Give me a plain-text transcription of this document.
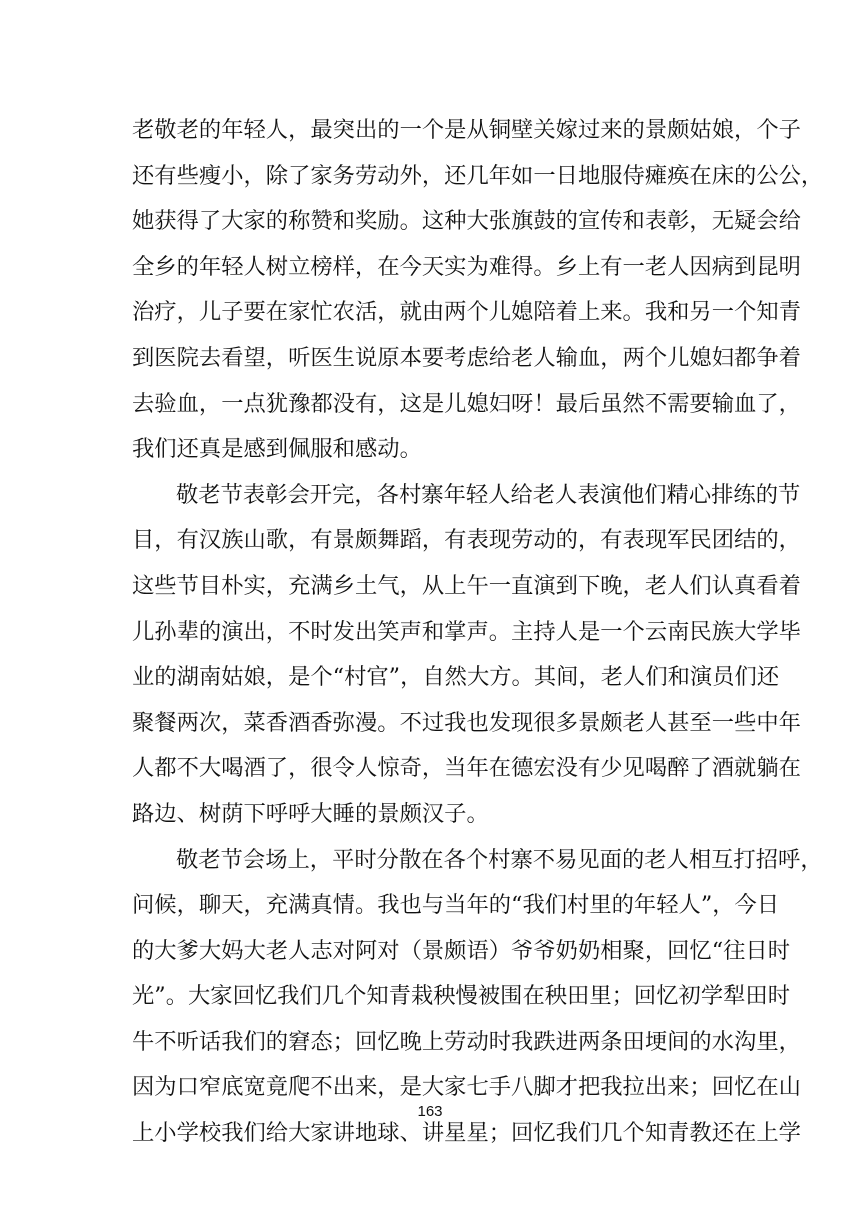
老敬老的年轻人，最突出的一个是从铜壁关嫁过来的景颇姑娘，个子
还有些瘦小，除了家务劳动外，还几年如一日地服侍瘫痪在床的公公，
她获得了大家的称赞和奖励。这种大张旗鼓的宣传和表彰，无疑会给
全乡的年轻人树立榜样，在今天实为难得。乡上有一老人因病到昆明
治疗，儿子要在家忙农活，就由两个儿媳陪着上来。我和另一个知青
到医院去看望，听医生说原本要考虑给老人输血，两个儿媳妇都争着
去验血，一点犹豫都没有，这是儿媳妇呀！最后虽然不需要输血了，
我们还真是感到佩服和感动。
敬老节表彰会开完，各村寨年轻人给老人表演他们精心排练的节
目，有汉族山歌，有景颇舞蹈，有表现劳动的，有表现军民团结的，
这些节目朴实，充满乡土气，从上午一直演到下晚，老人们认真看着
儿孙辈的演出，不时发出笑声和掌声。主持人是一个云南民族大学毕
业的湖南姑娘，是个“村官”，自然大方。其间，老人们和演员们还
聚餐两次，菜香酒香弥漫。不过我也发现很多景颇老人甚至一些中年
人都不大喝酒了，很令人惊奇，当年在德宏没有少见喝醉了酒就躺在
路边、树荫下呼呼大睡的景颇汉子。
敬老节会场上，平时分散在各个村寨不易见面的老人相互打招呼，
问候，聊天，充满真情。我也与当年的“我们村里的年轻人”，今日
的大爹大妈大老人志对阿对（景颇语）爷爷奶奶相聚，回忆“往日时
光”。大家回忆我们几个知青栽秧慢被围在秧田里；回忆初学犁田时
牛不听话我们的窘态；回忆晚上劳动时我跌进两条田埂间的水沟里，
因为口窄底宽竟爬不出来，是大家七手八脚才把我拉出来；回忆在山
上小学校我们给大家讲地球、讲星星；回忆我们几个知青教还在上学
163
